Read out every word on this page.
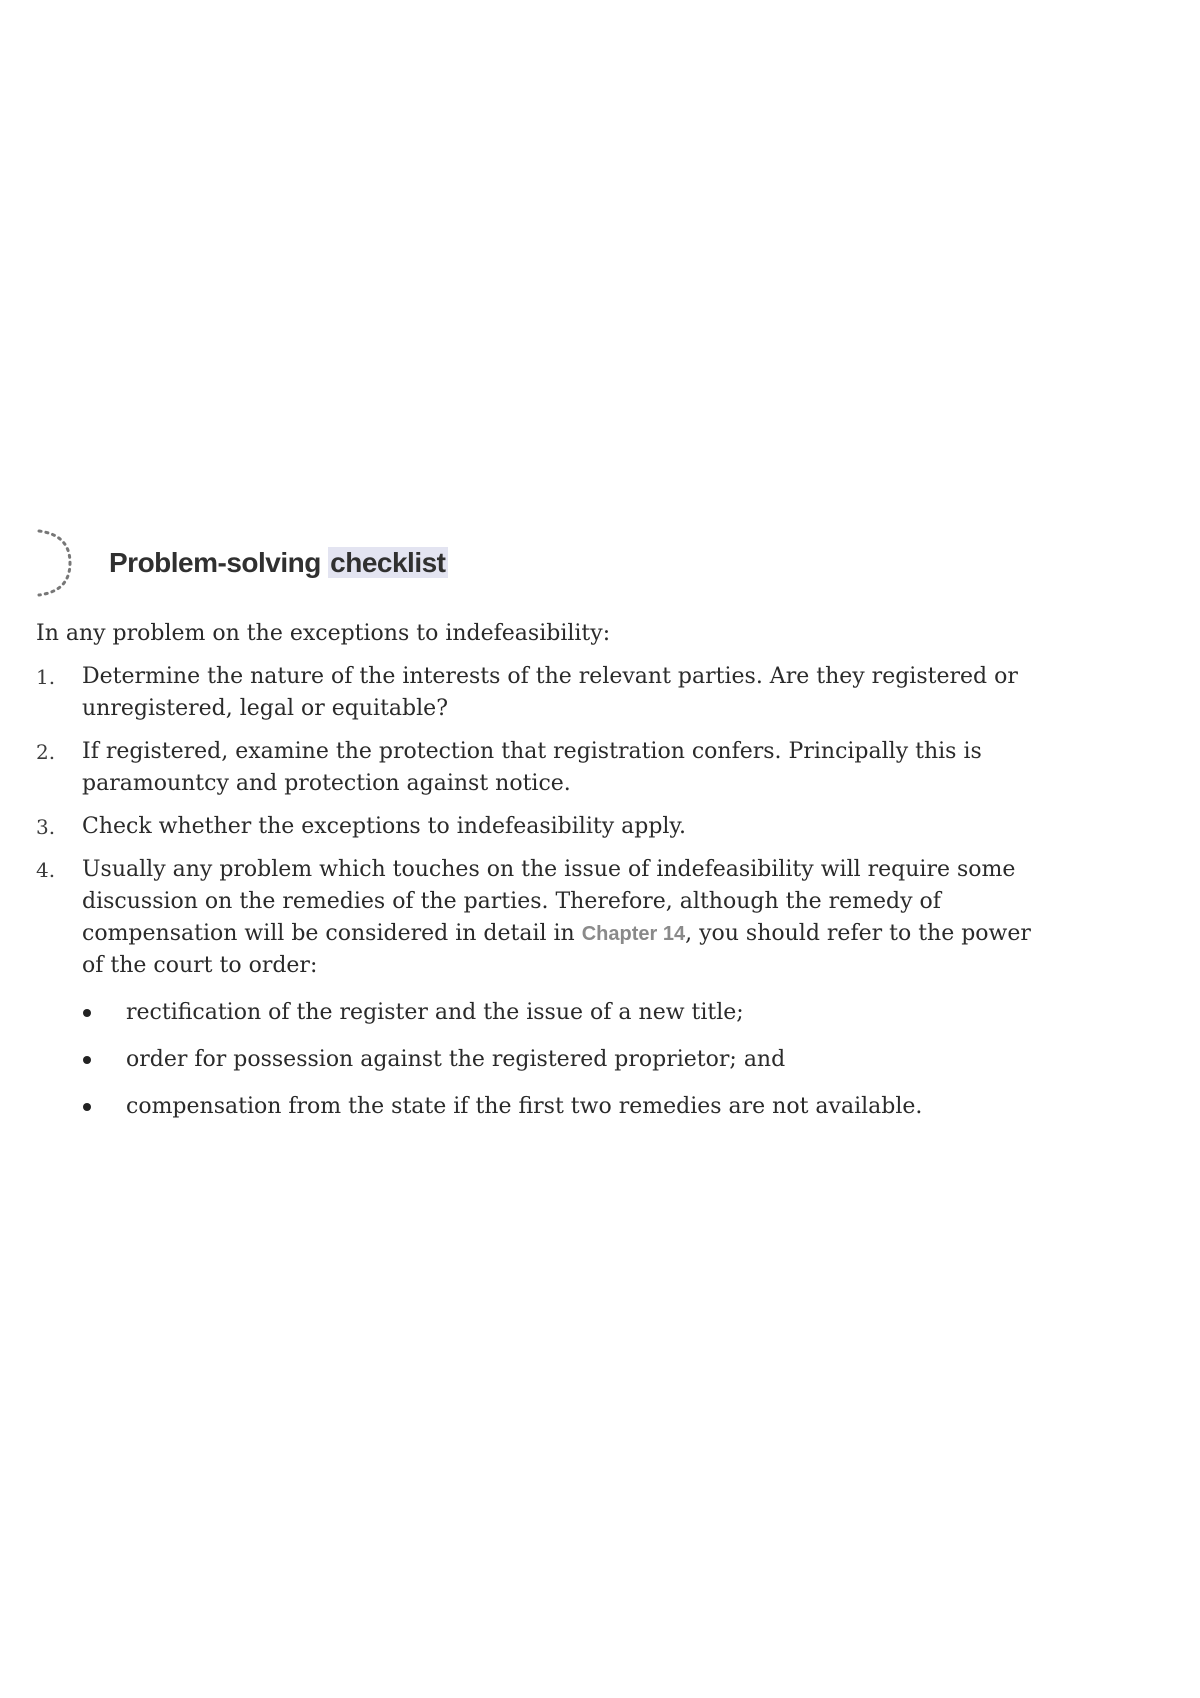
Problem-solving checklist

In any problem on the exceptions to indefeasibility:

1. Determine the nature of the interests of the relevant parties. Are they registered or unregistered, legal or equitable?
2. If registered, examine the protection that registration confers. Principally this is paramountcy and protection against notice.
3. Check whether the exceptions to indefeasibility apply.
4. Usually any problem which touches on the issue of indefeasibility will require some discussion on the remedies of the parties. Therefore, although the remedy of compensation will be considered in detail in Chapter 14, you should refer to the power of the court to order:
rectification of the register and the issue of a new title;
order for possession against the registered proprietor; and
compensation from the state if the first two remedies are not available.
